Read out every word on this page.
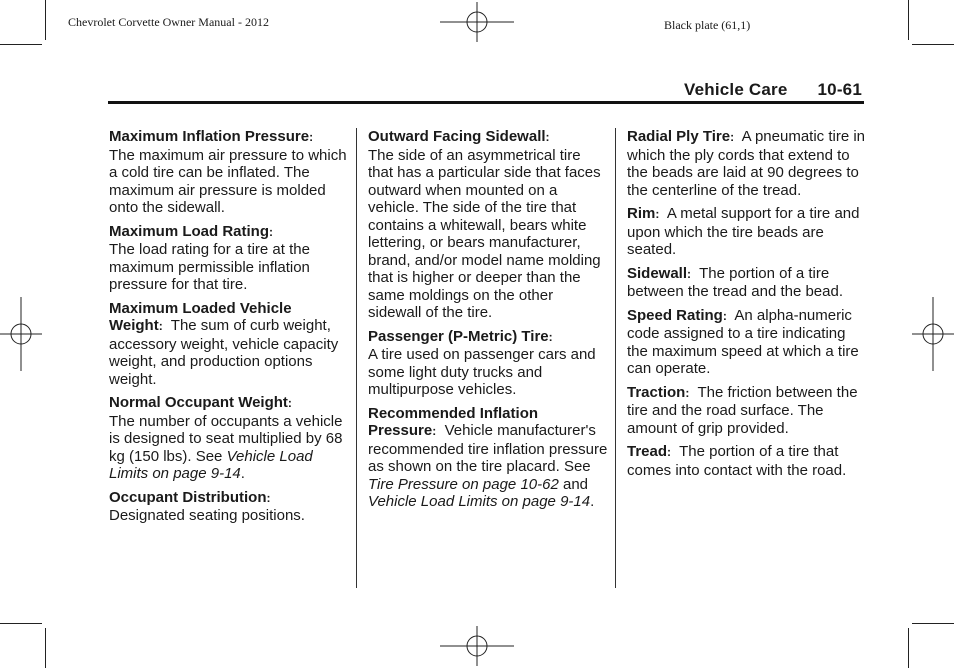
Chevrolet Corvette Owner Manual - 2012	Black plate (61,1)
Vehicle Care 10-61

Maximum Inflation Pressure:
The maximum air pressure to which a cold tire can be inflated. The maximum air pressure is molded onto the sidewall.

Maximum Load Rating:
The load rating for a tire at the maximum permissible inflation pressure for that tire.

Maximum Loaded Vehicle Weight: The sum of curb weight, accessory weight, vehicle capacity weight, and production options weight.

Normal Occupant Weight:
The number of occupants a vehicle is designed to seat multiplied by 68 kg (150 lbs). See Vehicle Load Limits on page 9-14.

Occupant Distribution:
Designated seating positions.

Outward Facing Sidewall:
The side of an asymmetrical tire that has a particular side that faces outward when mounted on a vehicle. The side of the tire that contains a whitewall, bears white lettering, or bears manufacturer, brand, and/or model name molding that is higher or deeper than the same moldings on the other sidewall of the tire.

Passenger (P-Metric) Tire:
A tire used on passenger cars and some light duty trucks and multipurpose vehicles.

Recommended Inflation Pressure: Vehicle manufacturer's recommended tire inflation pressure as shown on the tire placard. See Tire Pressure on page 10-62 and Vehicle Load Limits on page 9-14.

Radial Ply Tire: A pneumatic tire in which the ply cords that extend to the beads are laid at 90 degrees to the centerline of the tread.

Rim: A metal support for a tire and upon which the tire beads are seated.

Sidewall: The portion of a tire between the tread and the bead.

Speed Rating: An alpha-numeric code assigned to a tire indicating the maximum speed at which a tire can operate.

Traction: The friction between the tire and the road surface. The amount of grip provided.

Tread: The portion of a tire that comes into contact with the road.
